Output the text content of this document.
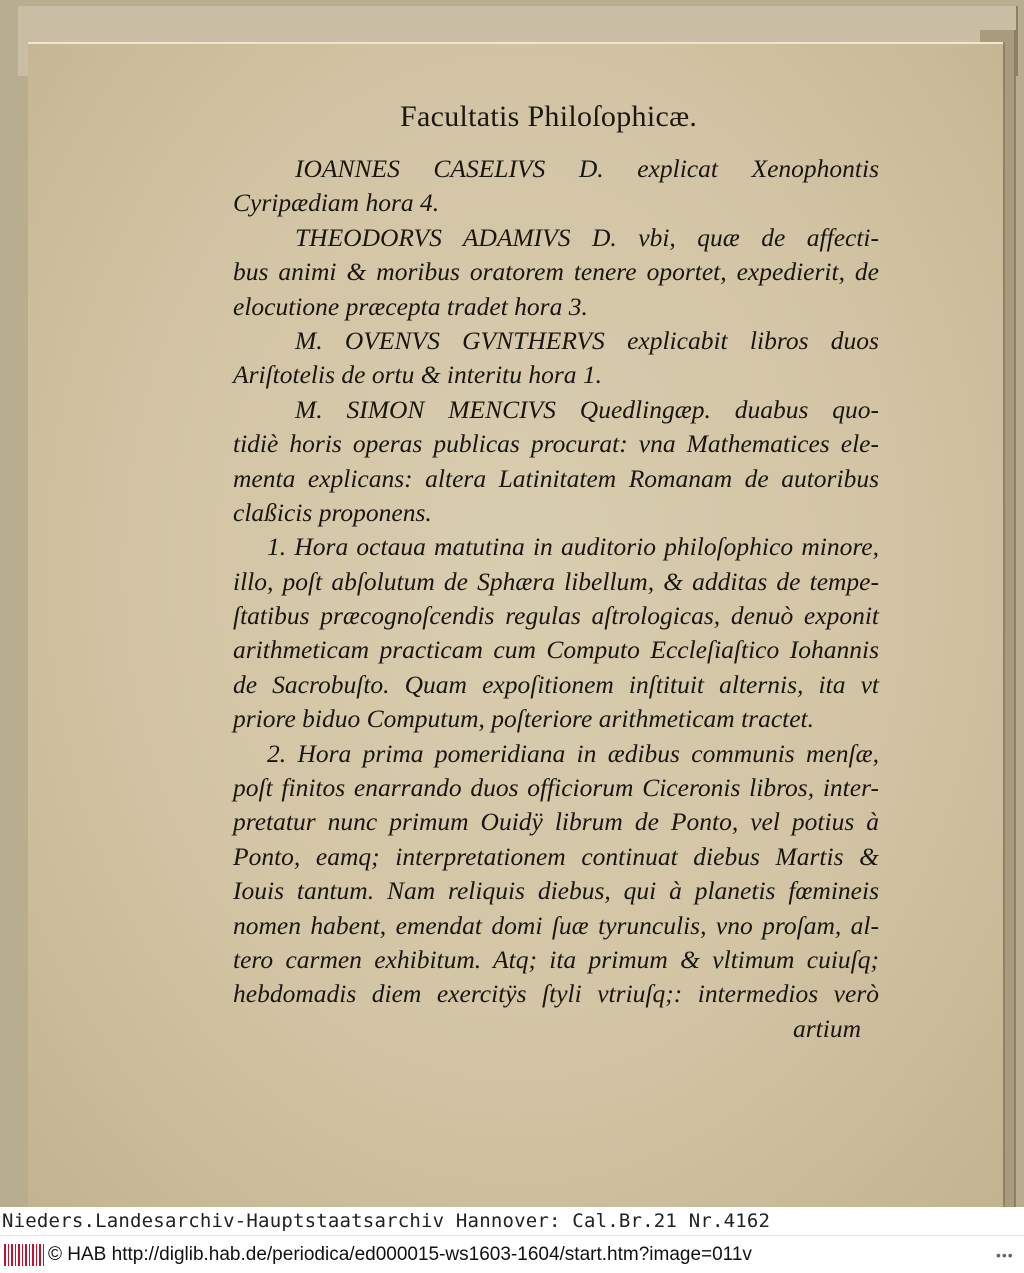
Facultatis Philoſophicæ.
IOANNES CASELIVS D. explicat Xenophontis
Cyripædiam hora 4.
THEODORVS ADAMIVS D. vbi, quæ de affecti-
bus animi & moribus oratorem tenere oportet, expedierit, de
elocutione præcepta tradet hora 3.
M. OVENVS GVNTHERVS explicabit libros duos
Ariſtotelis de ortu & interitu hora 1.
M. SIMON MENCIVS Quedlingæp. duabus quo-
tidiè horis operas publicas procurat: vna Mathematices ele-
menta explicans: altera Latinitatem Romanam de autoribus
claßicis proponens.
1. Hora octaua matutina in auditorio philoſophico minore,
illo, poſt abſolutum de Sphæra libellum, & additas de tempe-
ſtatibus præcognoſcendis regulas aſtrologicas, denuò exponit
arithmeticam practicam cum Computo Eccleſiaſtico Iohannis
de Sacrobuſto. Quam expoſitionem inſtituit alternis, ita vt
priore biduo Computum, poſteriore arithmeticam tractet.
2. Hora prima pomeridiana in ædibus communis menſæ,
poſt finitos enarrando duos officiorum Ciceronis libros, inter-
pretatur nunc primum Ouidÿ librum de Ponto, vel potius à
Ponto, eamq; interpretationem continuat diebus Martis &
Iouis tantum. Nam reliquis diebus, qui à planetis fœmineis
nomen habent, emendat domi ſuæ tyrunculis, vno proſam, al-
tero carmen exhibitum. Atq; ita primum & vltimum cuiuſq;
hebdomadis diem exercitÿs ſtyli vtriuſq;: intermedios verò
artium
Nieders.Landesarchiv-Hauptstaatsarchiv Hannover: Cal.Br.21 Nr.4162
© HAB http://diglib.hab.de/periodica/ed000015-ws1603-1604/start.htm?image=011v	•••
